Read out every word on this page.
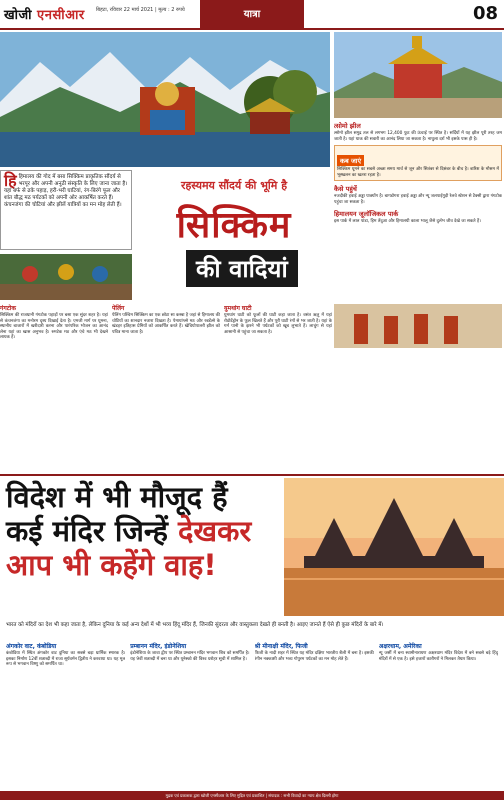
खोजी एनसीआर बिहटा, रविवार 22 मार्च 2021 | मूल्य : 2 रुपये	यात्रा	08
त्सोमो झील
त्सोमो झील समुद्र तल से लगभग 12,400 फुट की ऊंचाई पर स्थित है। सर्दियों में यह झील पूरी तरह जम जाती है। यहां याक की सवारी का आनंद लिया जा सकता है। नाथुला दर्रा भी इसके पास ही है।
कब जाएं
सिक्किम घूमने का सबसे अच्छा समय मार्च से जून और सितंबर से दिसंबर के बीच है। बारिश के मौसम में भूस्खलन का खतरा रहता है।
कैसे पहुंचें
नजदीकी हवाई अड्डा पाक्योंग है। बागडोगरा हवाई अड्डा और न्यू जलपाईगुड़ी रेलवे स्टेशन से टैक्सी द्वारा गंगटोक पहुंचा जा सकता है।
हिमालयन जूलॉजिकल पार्क
इस पार्क में लाल पांडा, हिम तेंदुआ और हिमालयी काला भालू जैसे दुर्लभ जीव देखे जा सकते हैं।
हिहिमालय की गोद में बसा सिक्किम प्राकृतिक सौंदर्य से भरपूर और अपनी अनूठी संस्कृति के लिए जाना जाता है। यहां बर्फ से ढके पहाड़, हरी-भरी घाटियां, रंग-बिरंगे फूल और शांत बौद्ध मठ पर्यटकों को अपनी ओर आकर्षित करते हैं। कंचनजंगा की चोटियां और झीलें यात्रियों का मन मोह लेती हैं।
रहस्यमय सौंदर्य की भूमि है
सिक्किम
की वादियां
गंगटोक
सिक्किम की राजधानी गंगटोक पहाड़ों पर बसा एक सुंदर शहर है। यहां से कंचनजंगा का मनोरम दृश्य दिखाई देता है। एमजी मार्ग पर घूमना, स्थानीय बाजारों में खरीदारी करना और पारंपरिक भोजन का आनंद लेना यहां का खास अनुभव है। रुमटेक मठ और एंचे मठ भी देखने लायक हैं।
पेलिंग
पेलिंग पश्चिम सिक्किम का एक छोटा सा कस्बा है जहां से हिमालय की चोटियों का शानदार नजारा दिखता है। पेमायांग्त्से मठ और रबडेंत्से के खंडहर इतिहास प्रेमियों को आकर्षित करते हैं। खेचियोपालरी झील को पवित्र माना जाता है।
युमथांग घाटी
युमथांग घाटी को फूलों की घाटी कहा जाता है। वसंत ऋतु में यहां रोडोडेंड्रोन के फूल खिलते हैं और पूरी घाटी रंगों से भर जाती है। यहां के गर्म पानी के झरने भी पर्यटकों को खूब लुभाते हैं। लाचुंग से यहां आसानी से पहुंचा जा सकता है।
विदेश में भी मौजूद हैं
कई मंदिर जिन्हें देखकर
आप भी कहेंगे वाह!
भारत को मंदिरों का देश भी कहा जाता है, लेकिन दुनिया के कई अन्य देशों में भी भव्य हिंदू मंदिर हैं, जिनकी सुंदरता और वास्तुकला देखते ही बनती है। आइए जानते हैं ऐसे ही कुछ मंदिरों के बारे में।
अंगकोर वाट, कंबोडिया
कंबोडिया में स्थित अंगकोर वाट दुनिया का सबसे बड़ा धार्मिक स्मारक है। इसका निर्माण 12वीं शताब्दी में राजा सूर्यवर्मन द्वितीय ने करवाया था। यह मूल रूप से भगवान विष्णु को समर्पित था।
प्रम्बानन मंदिर, इंडोनेशिया
इंडोनेशिया के जावा द्वीप पर स्थित प्रम्बानन मंदिर भगवान शिव को समर्पित है। यह 9वीं शताब्दी में बना था और यूनेस्को की विश्व धरोहर सूची में शामिल है।
श्री मीनाक्षी मंदिर, फिजी
फिजी के नादी शहर में स्थित यह मंदिर दक्षिण भारतीय शैली में बना है। इसकी रंगीन नक्काशी और भव्य गोपुरम पर्यटकों का मन मोह लेते हैं।
अक्षरधाम, अमेरिका
न्यू जर्सी में बना स्वामीनारायण अक्षरधाम मंदिर विदेश में बने सबसे बड़े हिंदू मंदिरों में से एक है। इसे हजारों कारीगरों ने मिलकर तैयार किया।
मुद्रक एवं प्रकाशक द्वारा खोजी एनसीआर के लिए मुद्रित एवं प्रकाशित | संपादक : सभी विवादों का न्याय क्षेत्र दिल्ली होगा
